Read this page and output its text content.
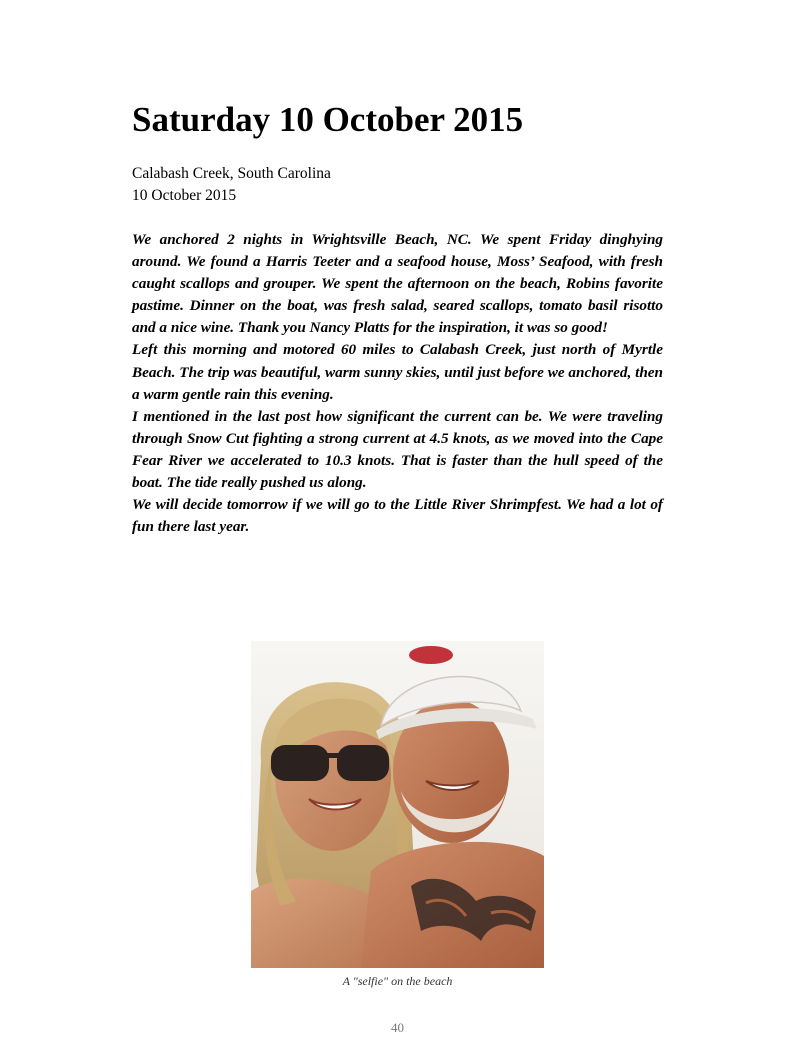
Saturday 10 October 2015
Calabash Creek, South Carolina
10 October 2015

We anchored 2 nights in Wrightsville Beach, NC. We spent Friday dinghying around. We found a Harris Teeter and a seafood house, Moss’ Seafood, with fresh caught scallops and grouper. We spent the afternoon on the beach, Robins favorite pastime. Dinner on the boat, was fresh salad, seared scallops, tomato basil risotto and a nice wine. Thank you Nancy Platts for the inspiration, it was so good!

Left this morning and motored 60 miles to Calabash Creek, just north of Myrtle Beach. The trip was beautiful, warm sunny skies, until just before we anchored, then a warm gentle rain this evening.

I mentioned in the last post how significant the current can be. We were traveling through Snow Cut fighting a strong current at 4.5 knots, as we moved into the Cape Fear River we accelerated to 10.3 knots. That is faster than the hull speed of the boat. The tide really pushed us along.

We will decide tomorrow if we will go to the Little River Shrimpfest. We had a lot of fun there last year.

A "selfie" on the beach
40
